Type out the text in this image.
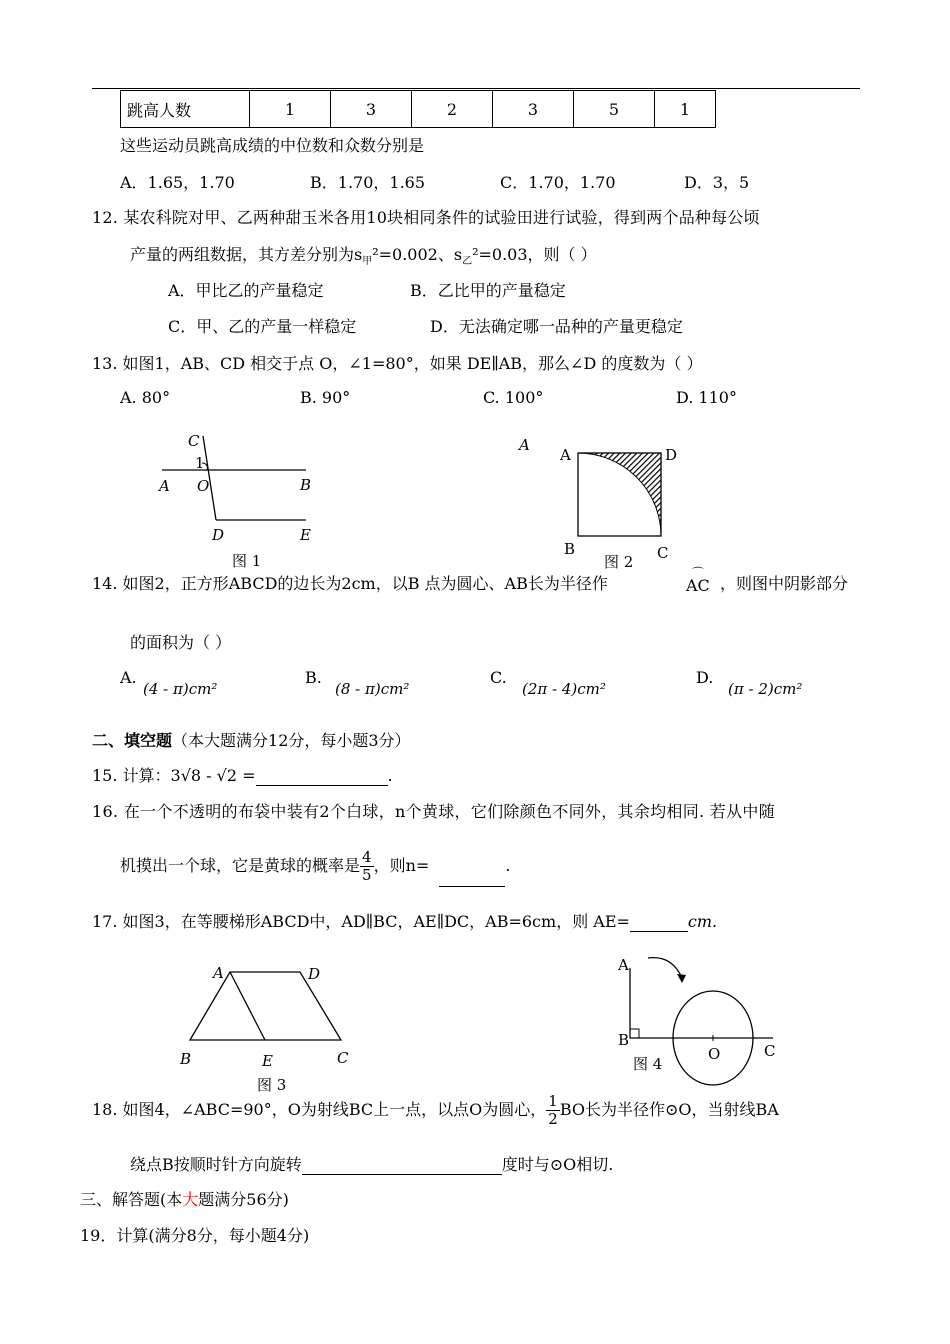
跳高人数	1	3	2	3	5	1
这些运动员跳高成绩的中位数和众数分别是
A．1.65，1.70	B．1.70，1.65	C．1.70，1.70	D．3，5
12. 某农科院对甲、乙两种甜玉米各用10块相同条件的试验田进行试验，得到两个品种每公顷
产量的两组数据，其方差分别为$s_甲^2=0.002$、$s_乙^2=0.03$，则（ ）
A．甲比乙的产量稳定	B．乙比甲的产量稳定
C．甲、乙的产量一样稳定	D．无法确定哪一品种的产量更稳定
13. 如图1，AB、CD 相交于点 O，∠1=80°，如果 DE∥AB，那么∠D 的度数为（ ）
A. 80°	B. 90°	C. 100°	D. 110°
C
1
A O	B
D	E
图 1
A
A	D
B	C
图 2
14. 如图2，正方形ABCD的边长为2cm，以B 点为圆心、AB长为半径作
⌒
AC ，则图中阴影部分
的面积为（ ）
A.
(4 - π)cm²
B.
(8 - π)cm²
C.
(2π - 4)cm²
D.
(π - 2)cm²
二、填空题（本大题满分12分，每小题3分）
15. 计算：3√8 - √2 =	.
16. 在一个不透明的布袋中装有2个白球，n个黄球，它们除颜色不同外，其余均相同. 若从中随
机摸出一个球，它是黄球的概率是 $\frac{4}{5}$ ，则n=	.
17. 如图3，在等腰梯形ABCD中，AD∥BC，AE∥DC，AB=6cm，则 AE=	cm.
A	D
B	E	C
图 3
A
B
O	C
图 4
18. 如图4，∠ABC=90°，O为射线BC上一点，以点O为圆心， $\frac{1}{2}$ BO长为半径作⊙O，当射线BA
绕点B按顺时针方向旋转	度时与⊙O相切.
三、解答题(本大题满分56分)
19．计算(满分8分，每小题4分)
